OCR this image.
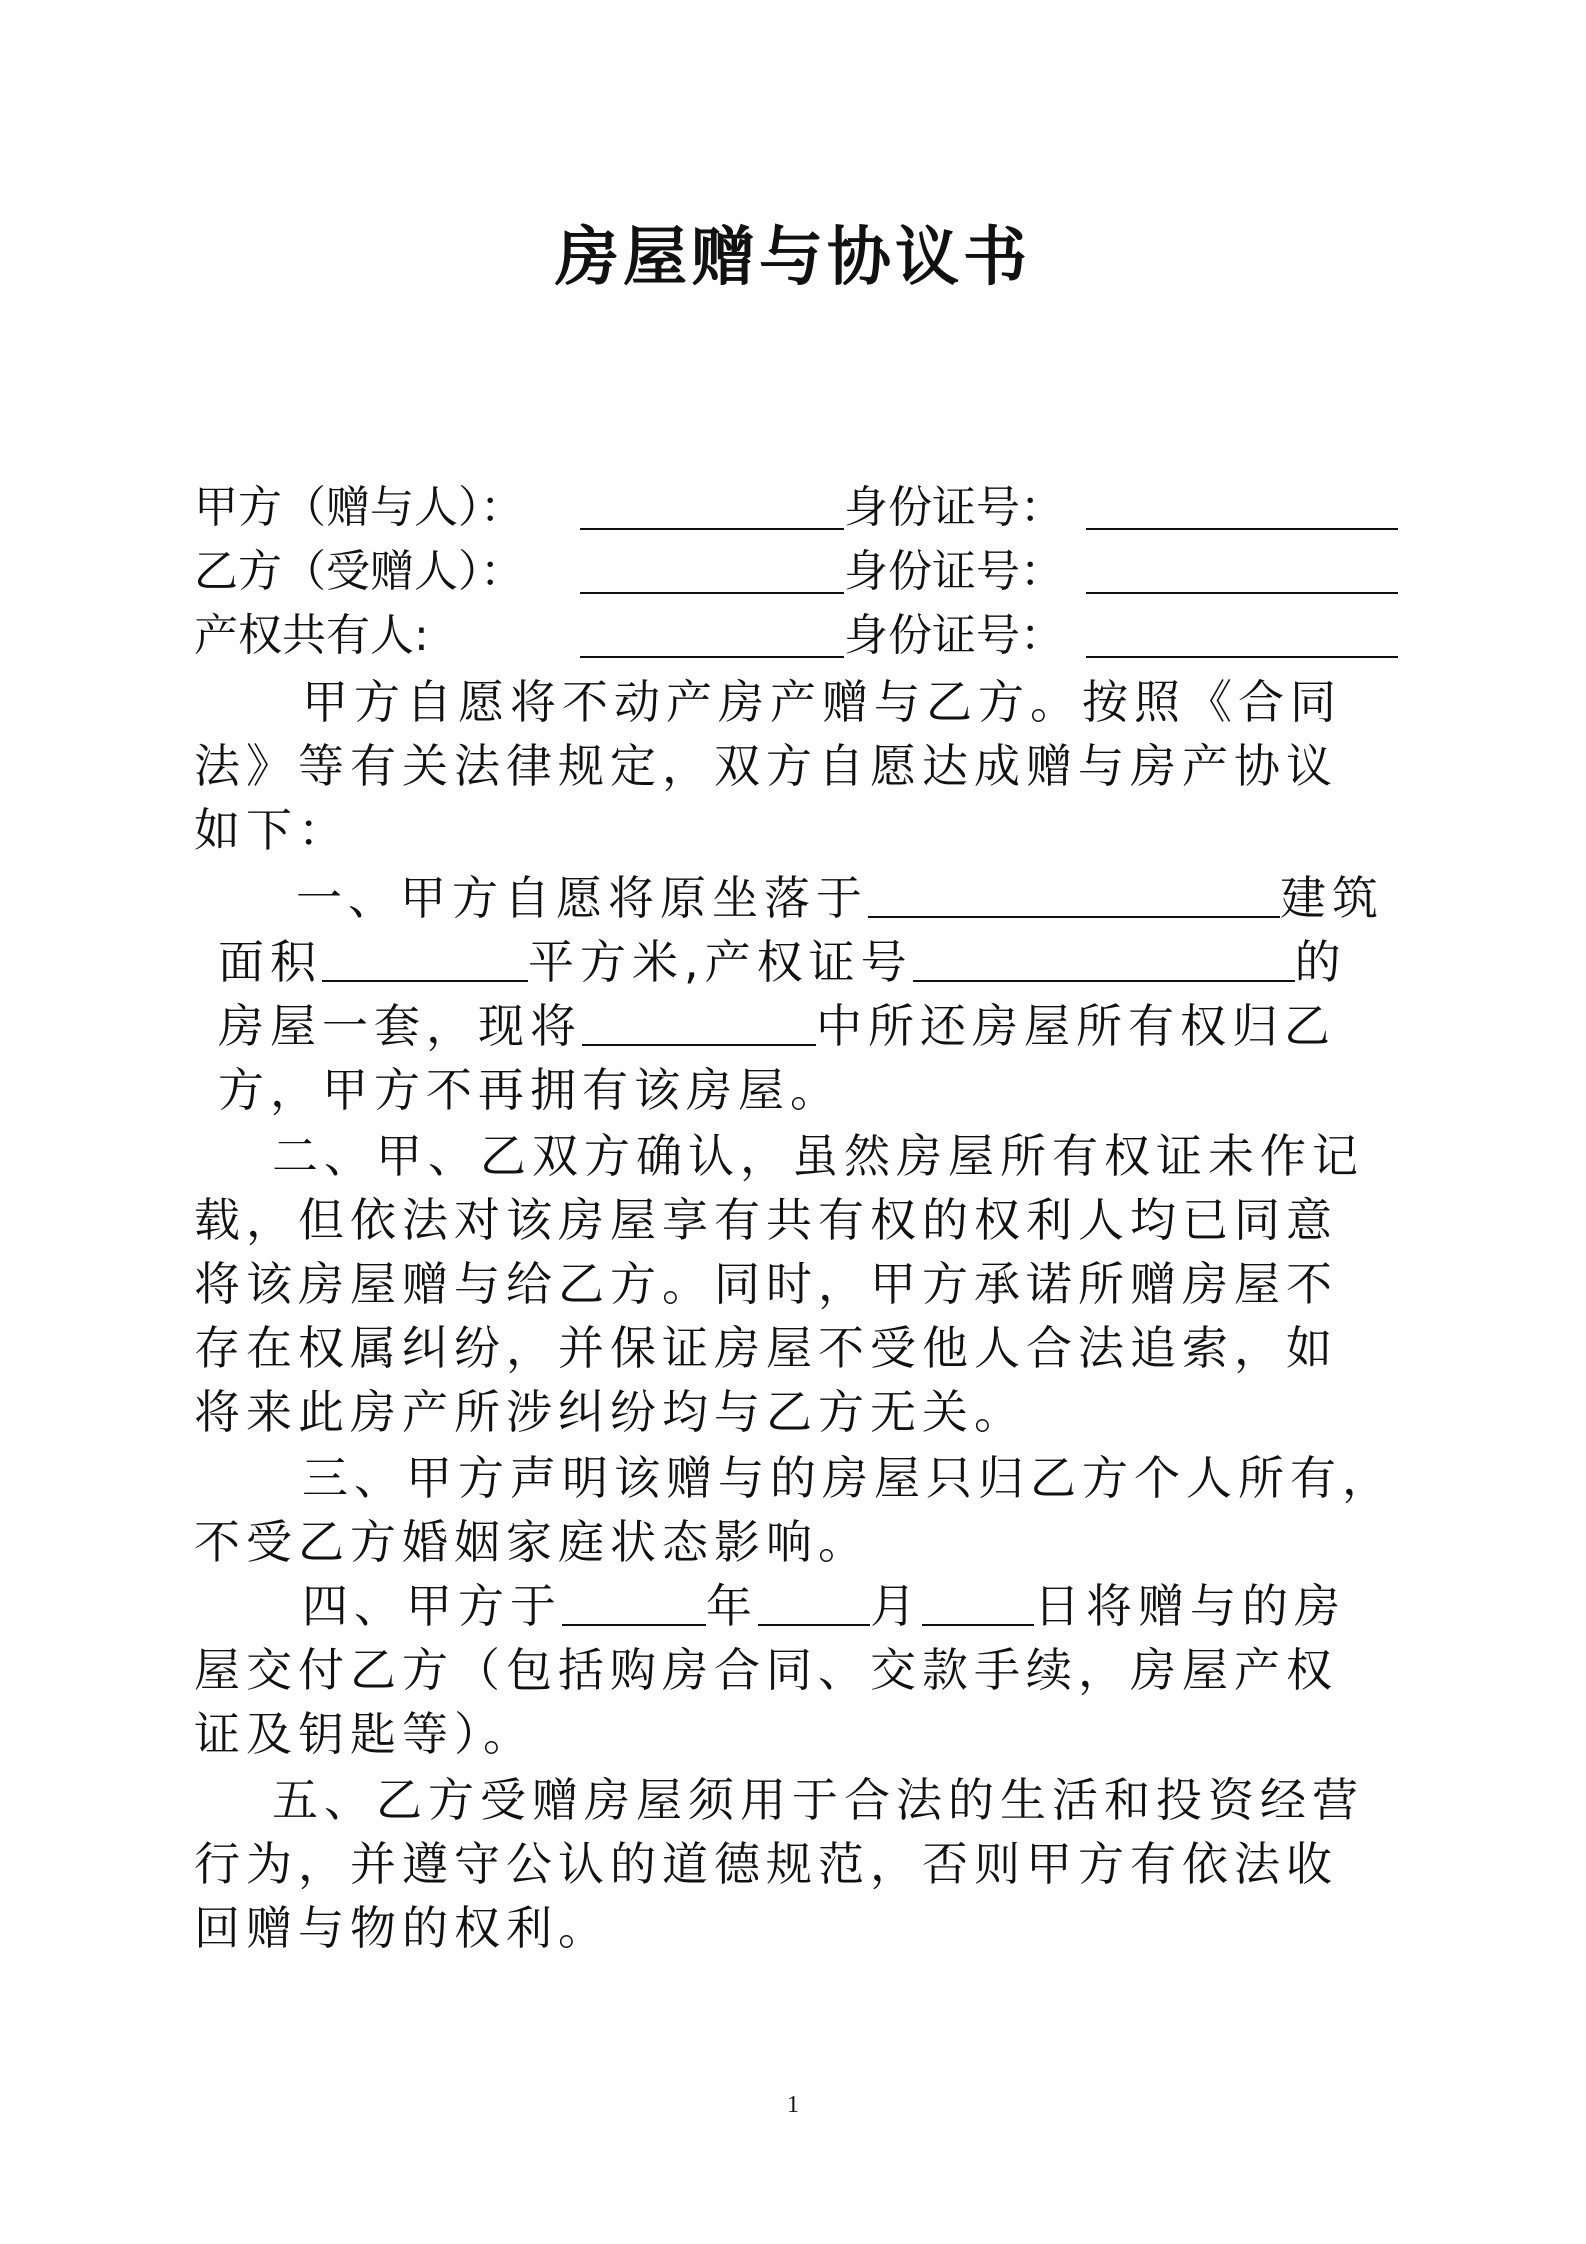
房屋赠与协议书
甲方（赠与人）：	身份证号：
乙方（受赠人）：	身份证号：
产权共有人:	身份证号：
甲方自愿将不动产房产赠与乙方。按照《合同
法》等有关法律规定，双方自愿达成赠与房产协议
如下：
一、甲方自愿将原坐落于	建筑
面积	平方米,产权证号	的
房屋一套，现将	中所还房屋所有权归乙
方，甲方不再拥有该房屋。
二、甲、乙双方确认，虽然房屋所有权证未作记
载，但依法对该房屋享有共有权的权利人均已同意
将该房屋赠与给乙方。同时，甲方承诺所赠房屋不
存在权属纠纷，并保证房屋不受他人合法追索，如
将来此房产所涉纠纷均与乙方无关。
三、甲方声明该赠与的房屋只归乙方个人所有，
不受乙方婚姻家庭状态影响。
四、甲方于	年 月 日将赠与的房
屋交付乙方（包括购房合同、交款手续，房屋产权
证及钥匙等）。
五、乙方受赠房屋须用于合法的生活和投资经营
行为，并遵守公认的道德规范，否则甲方有依法收
回赠与物的权利。
1
